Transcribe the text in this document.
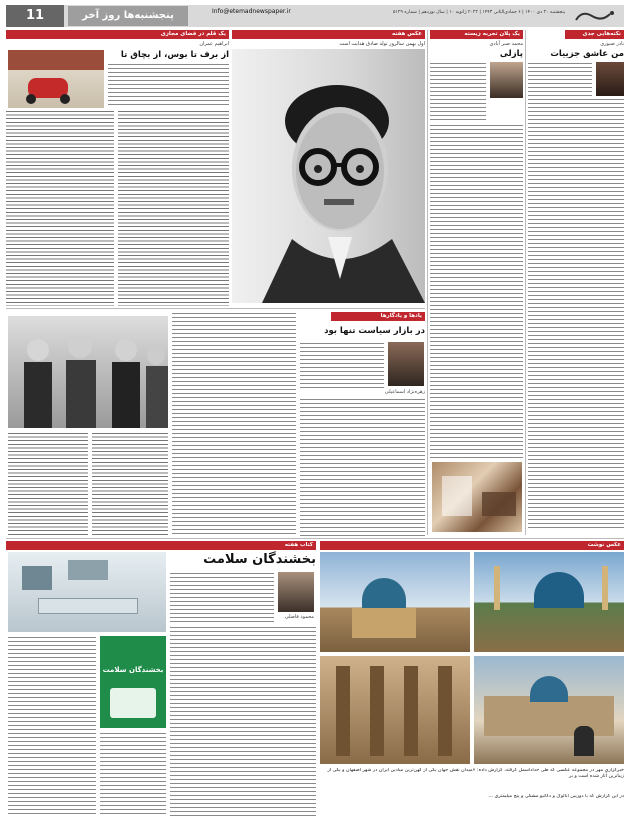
11	پنجشنبه‌ها روز آخر	Info@etemadnewspaper.ir	پنجشنبه ۲۰ دی ۱۴۰۰ | ۶ جمادی‌الثانی ۱۴۴۳ | ۲۰۲۲ ژانویه ۱۰ | سال نوزدهم | شماره ۵۱۲۹
نکته‌هایی جدی
نادر صبوری
من عاشق جزییات
یک پلان تجربه زیسته
محمد صبر آبادی
پازلی
عکس هفته
اول بهمن سالروز تولد صادق هدایت است
یک قلم در فضای مجازی
ابراهیم عمران
از برف تا بوس، از بچاق تا
یادها و یادگارها
در بازار سیاست تنها بود
زهره‌نژاد اسماعیلی
کتاب هفته
بخشندگان سلامت
محمود فاضلی
بخشندگان سلامت
عکس نوشت
خبرگزاری مهر در مجموعه عکسی که طی حداداسمل گرفته، گزارش داده: «میدان نقش جهان یکی از کهن‌ترین میادین ایران در شهر اصفهان و یکی از زیباترین آثار شده است و بر
در این گزارش که با دوربین آنالوگ و دگاتیو مشکی و پنج میلیمتری ...
